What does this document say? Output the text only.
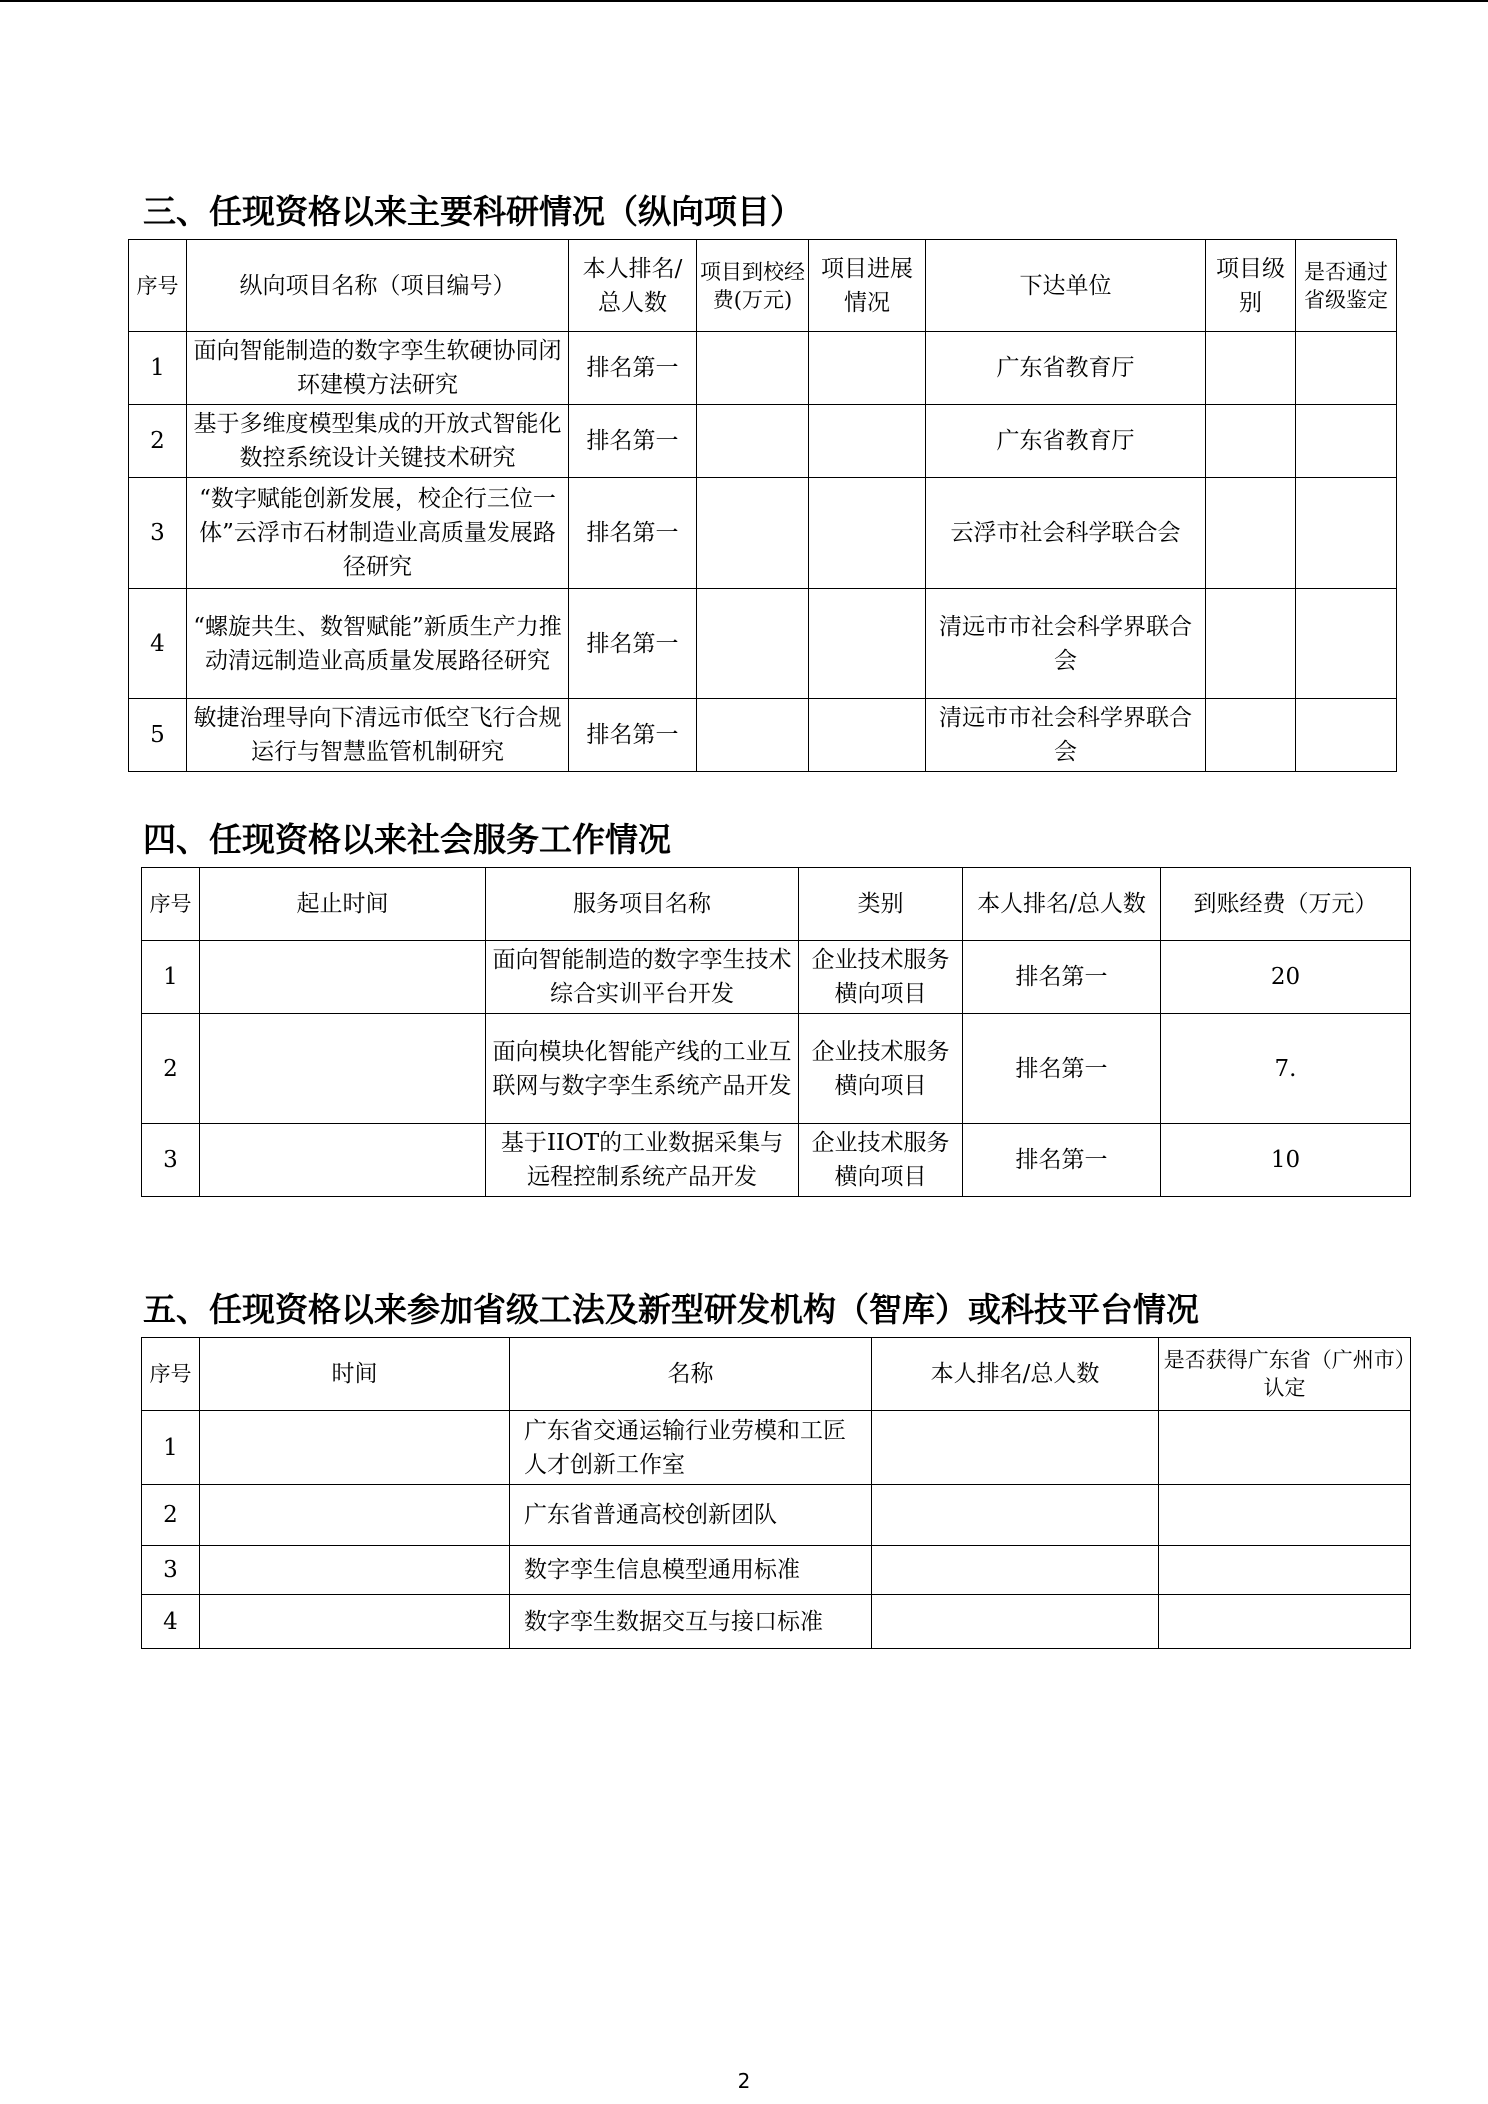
三、任现资格以来主要科研情况（纵向项目）
序号	纵向项目名称（项目编号）	本人排名/总人数	项目到校经费(万元)	项目进展情况	下达单位	项目级别	是否通过省级鉴定
1	面向智能制造的数字孪生软硬协同闭环建模方法研究	排名第一			广东省教育厅		
2	基于多维度模型集成的开放式智能化数控系统设计关键技术研究	排名第一			广东省教育厅		
3	“数字赋能创新发展，校企行三位一体”云浮市石材制造业高质量发展路径研究	排名第一			云浮市社会科学联合会		
4	“螺旋共生、数智赋能”新质生产力推动清远制造业高质量发展路径研究	排名第一			清远市市社会科学界联合会		
5	敏捷治理导向下清远市低空飞行合规运行与智慧监管机制研究	排名第一			清远市市社会科学界联合会		
四、任现资格以来社会服务工作情况
序号	起止时间	服务项目名称	类别	本人排名/总人数	到账经费（万元）
1		面向智能制造的数字孪生技术综合实训平台开发	企业技术服务横向项目	排名第一	20
2		面向模块化智能产线的工业互联网与数字孪生系统产品开发	企业技术服务横向项目	排名第一	7.
3		基于IIOT的工业数据采集与远程控制系统产品开发	企业技术服务横向项目	排名第一	10
五、任现资格以来参加省级工法及新型研发机构（智库）或科技平台情况
序号	时间	名称	本人排名/总人数	是否获得广东省（广州市）认定
1		广东省交通运输行业劳模和工匠人才创新工作室		
2		广东省普通高校创新团队		
3		数字孪生信息模型通用标准		
4		数字孪生数据交互与接口标准		
2
